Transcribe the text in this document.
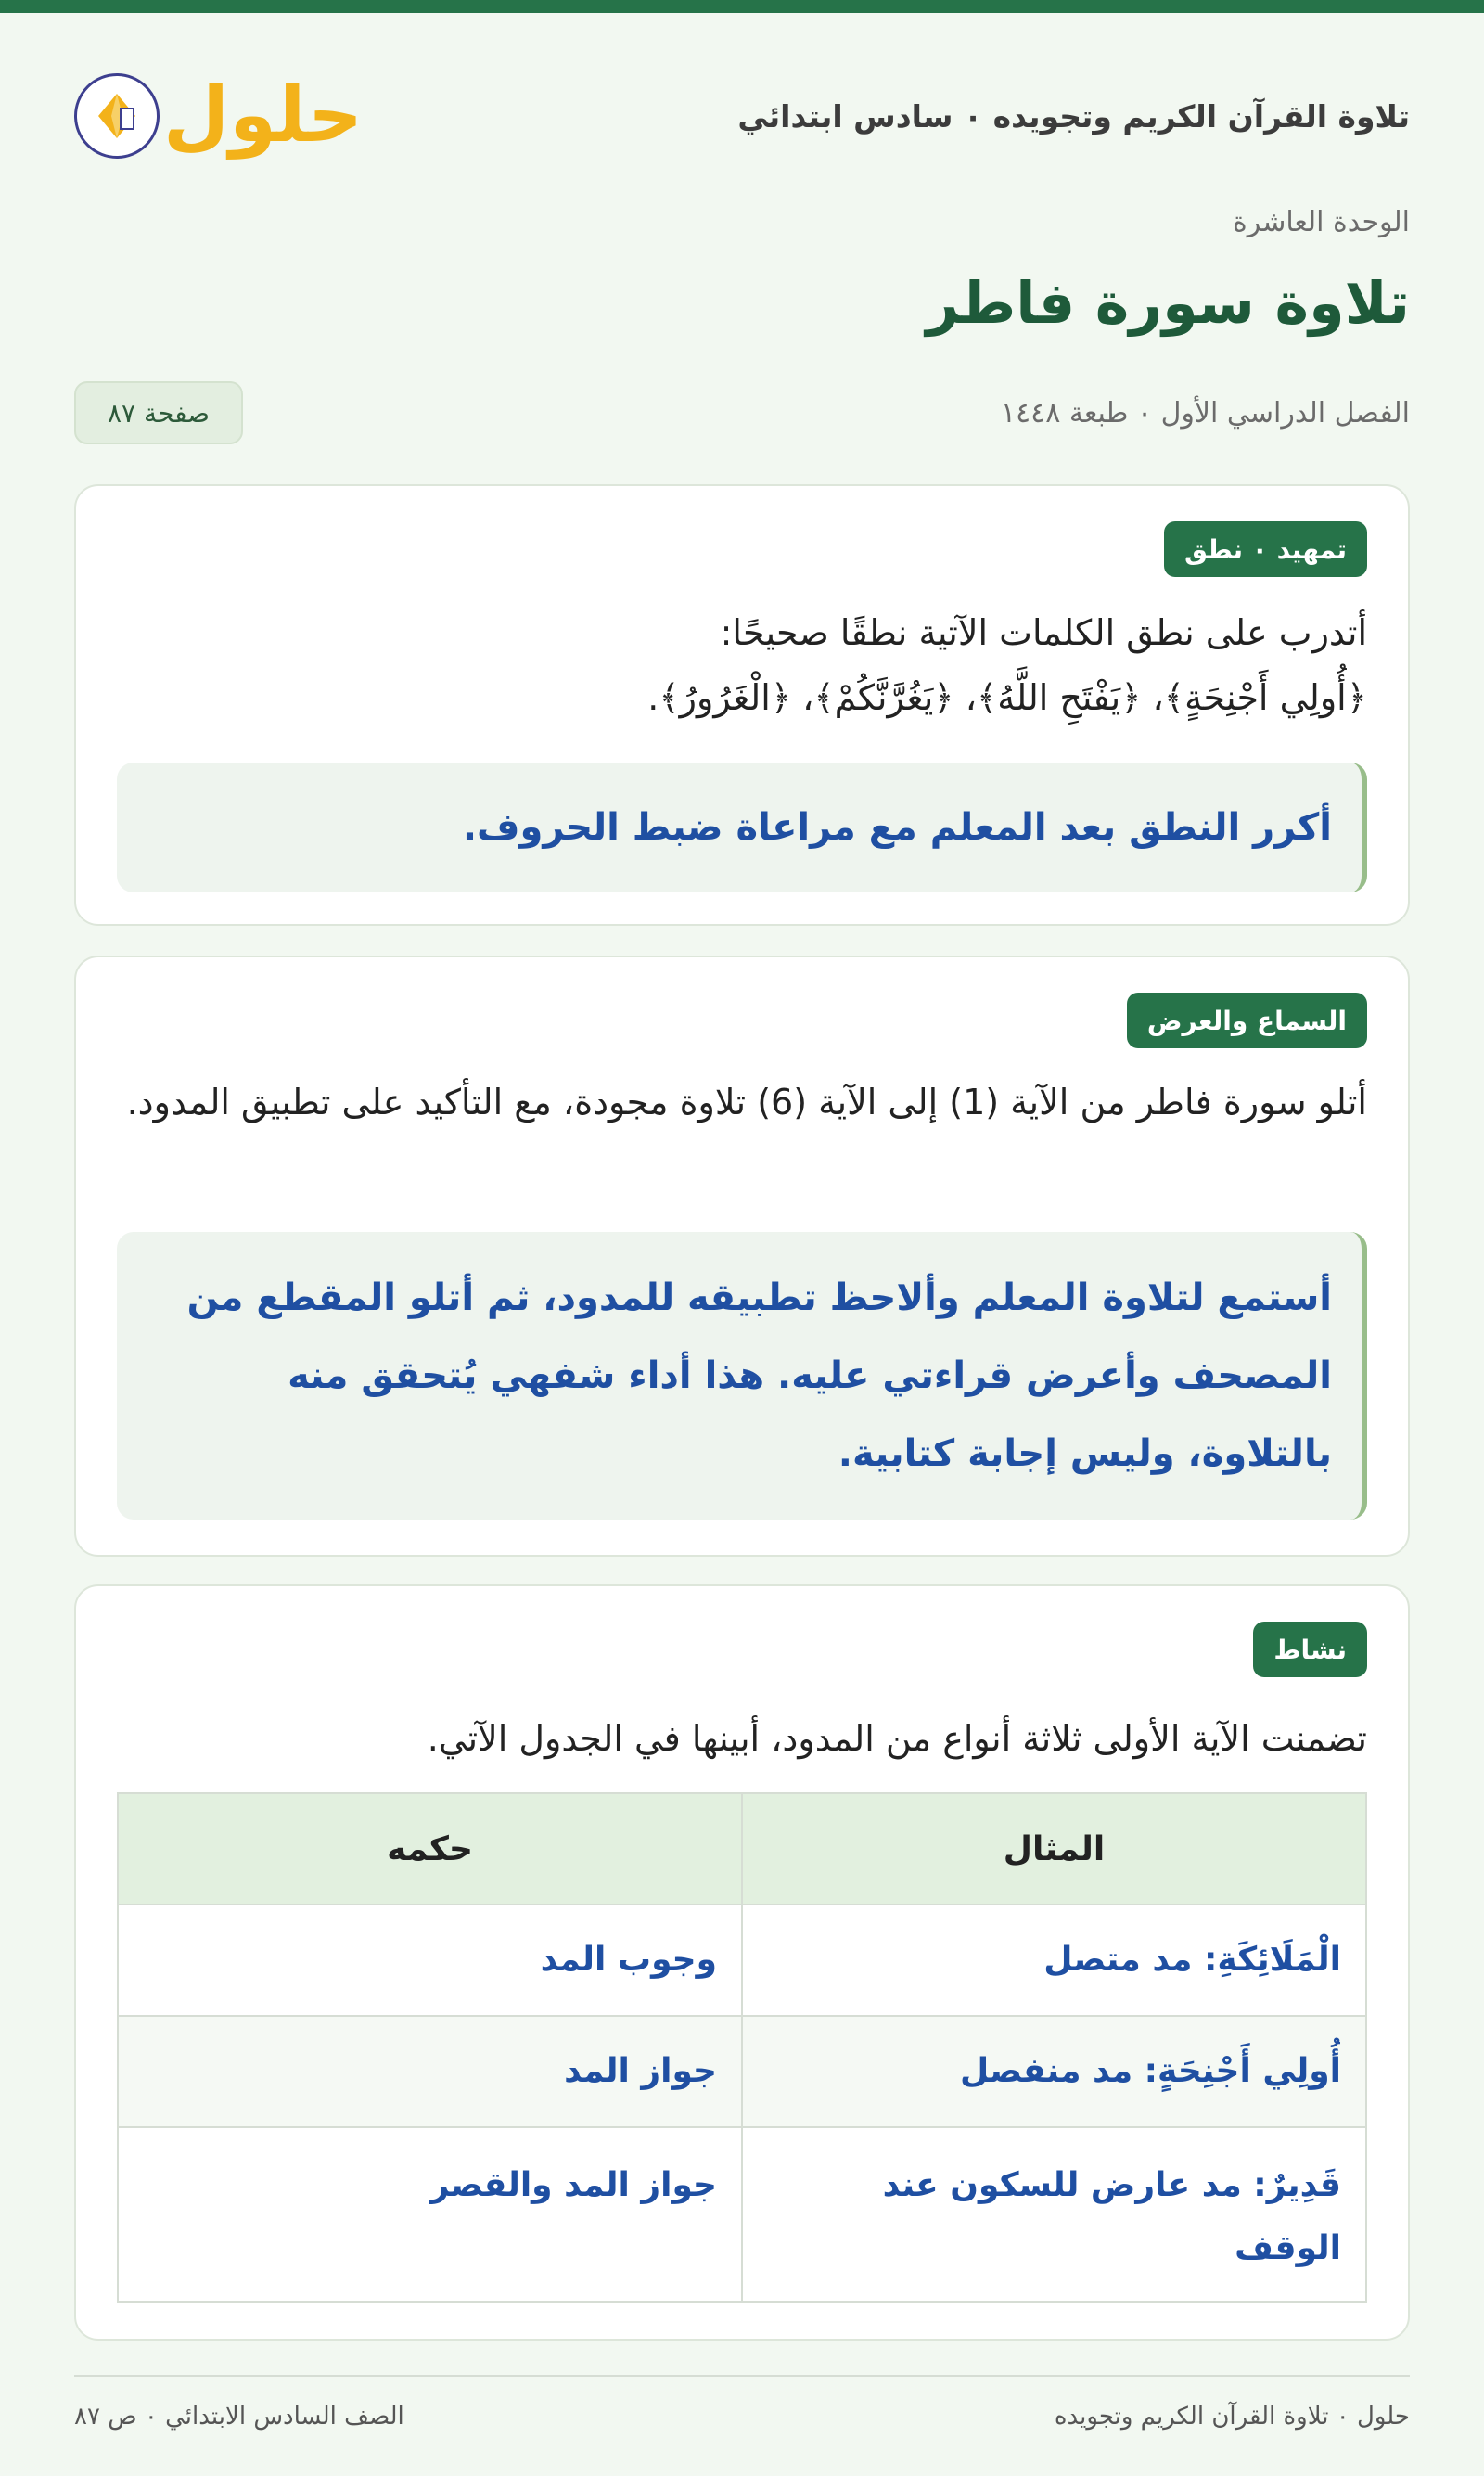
تلاوة القرآن الكريم وتجويده ٠ سادس ابتدائي
حلول
الوحدة العاشرة
تلاوة سورة فاطر
الفصل الدراسي الأول ٠ طبعة ١٤٤٨
صفحة ٨٧
تمهيد ٠ نطق
أتدرب على نطق الكلمات الآتية نطقًا صحيحًا:
﴿أُولِي أَجْنِحَةٍ﴾، ﴿يَفْتَحِ اللَّهُ﴾، ﴿يَغُرَّنَّكُمْ﴾، ﴿الْغَرُورُ﴾.
أكرر النطق بعد المعلم مع مراعاة ضبط الحروف.
السماع والعرض
أتلو سورة فاطر من الآية (1) إلى الآية (6) تلاوة مجودة، مع التأكيد على تطبيق المدود.
أستمع لتلاوة المعلم وألاحظ تطبيقه للمدود، ثم أتلو المقطع من المصحف وأعرض قراءتي عليه. هذا أداء شفهي يُتحقق منه بالتلاوة، وليس إجابة كتابية.
نشاط
تضمنت الآية الأولى ثلاثة أنواع من المدود، أبينها في الجدول الآتي.
المثال	حكمه
الْمَلَائِكَةِ: مد متصل	وجوب المد
أُولِي أَجْنِحَةٍ: مد منفصل	جواز المد
قَدِيرٌ: مد عارض للسكون عند الوقف	جواز المد والقصر
حلول ٠ تلاوة القرآن الكريم وتجويده
الصف السادس الابتدائي ٠ ص ٨٧
